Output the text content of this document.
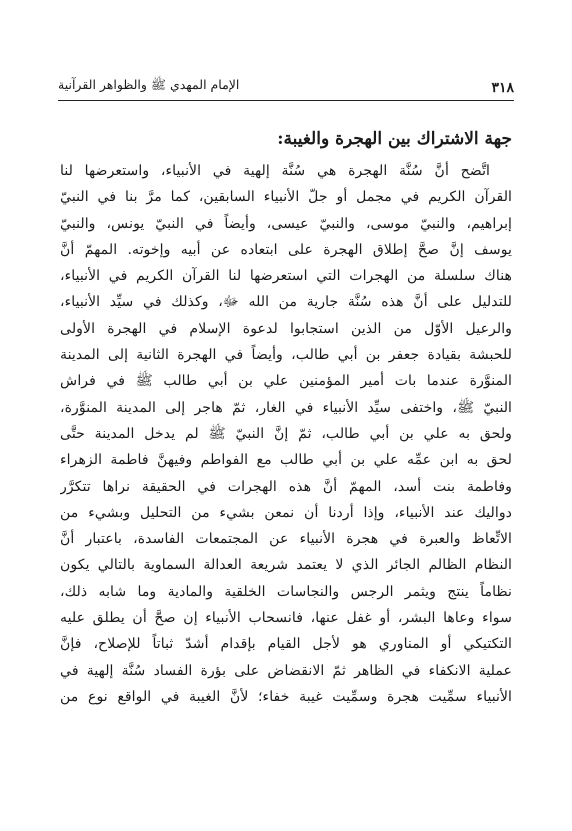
٣١٨
الإمام المهدي ﷺ والظواهر القرآنية
جهة الاشتراك بين الهجرة والغيبة:
اتَّضح أنَّ سُنَّة الهجرة هي سُنَّة إلهية في الأنبياء، واستعرضها لنا
القرآن الكريم في مجمل أو جلّ الأنبياء السابقين، كما مرَّ بنا في النبيّ
إبراهيم، والنبيّ موسى، والنبيّ عيسى، وأيضاً في النبيّ يونس، والنبيّ
يوسف إنَّ صحَّ إطلاق الهجرة على ابتعاده عن أبيه وإخوته. المهمّ أنَّ
هناك سلسلة من الهجرات التي استعرضها لنا القرآن الكريم في الأنبياء،
للتدليل على أنَّ هذه سُنَّة جارية من الله ﷻ، وكذلك في سيِّد الأنبياء،
والرعيل الأوّل من الذين استجابوا لدعوة الإسلام في الهجرة الأولى
للحبشة بقيادة جعفر بن أبي طالب، وأيضاً في الهجرة الثانية إلى المدينة
المنوَّرة عندما بات أمير المؤمنين علي بن أبي طالب ﷺ في فراش
النبيّ ﷺ، واختفى سيِّد الأنبياء في الغار، ثمّ هاجر إلى المدينة المنوَّرة،
ولحق به علي بن أبي طالب، ثمّ إنَّ النبيّ ﷺ لم يدخل المدينة حتَّى
لحق به ابن عمِّه علي بن أبي طالب مع الفواطم وفيهنَّ فاطمة الزهراء
وفاطمة بنت أسد، المهمّ أنَّ هذه الهجرات في الحقيقة نراها تتكرَّر
دواليك عند الأنبياء، وإذا أردنا أن نمعن بشيء من التحليل وبشيء من
الاتِّعاظ والعبرة في هجرة الأنبياء عن المجتمعات الفاسدة، باعتبار أنَّ
النظام الظالم الجائر الذي لا يعتمد شريعة العدالة السماوية بالتالي يكون
نظاماً ينتج ويثمر الرجس والنجاسات الخلقية والمادية وما شابه ذلك،
سواء وعاها البشر، أو غفل عنها، فانسحاب الأنبياء إن صحَّ أن يطلق عليه
التكتيكي أو المناوري هو لأجل القيام بإقدام أشدّ ثباتاً للإصلاح، فإنَّ
عملية الانكفاء في الظاهر ثمّ الانقضاض على بؤرة الفساد سُنَّة إلهية في
الأنبياء سمِّيت هجرة وسمِّيت غيبة خفاء؛ لأنَّ الغيبة في الواقع نوع من
